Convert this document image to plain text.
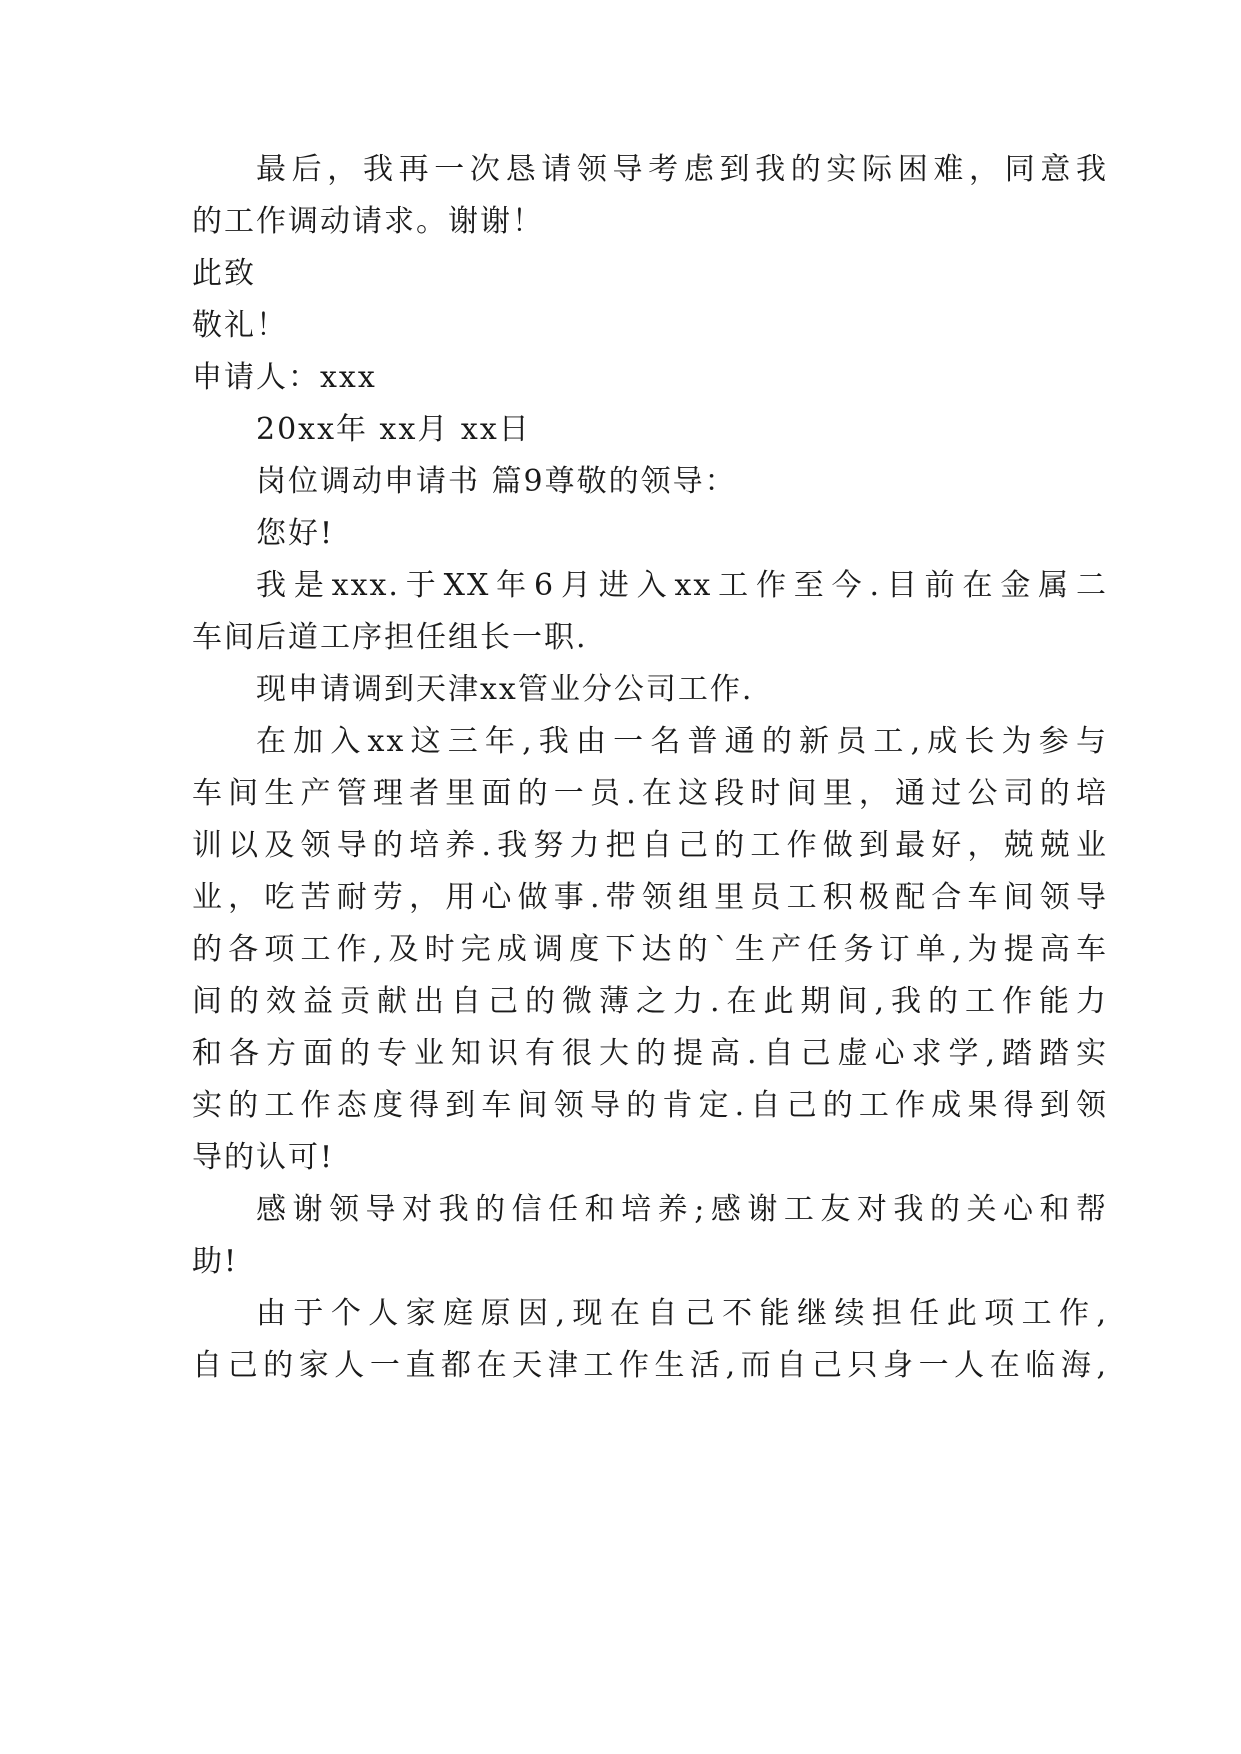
最后，我再一次恳请领导考虑到我的实际困难，同意我
的工作调动请求。谢谢！
此致
敬礼！
申请人：xxx
20xx年 xx月 xx日
岗位调动申请书 篇9尊敬的领导：
您好!
我是xxx.于XX年6月进入xx工作至今.目前在金属二
车间后道工序担任组长一职.
现申请调到天津xx管业分公司工作.
在加入xx这三年,我由一名普通的新员工,成长为参与
车间生产管理者里面的一员.在这段时间里，通过公司的培
训以及领导的培养.我努力把自己的工作做到最好，兢兢业
业，吃苦耐劳，用心做事.带领组里员工积极配合车间领导
的各项工作,及时完成调度下达的`生产任务订单,为提高车
间的效益贡献出自己的微薄之力.在此期间,我的工作能力
和各方面的专业知识有很大的提高.自己虚心求学,踏踏实
实的工作态度得到车间领导的肯定.自己的工作成果得到领
导的认可!
感谢领导对我的信任和培养;感谢工友对我的关心和帮
助!
由于个人家庭原因,现在自己不能继续担任此项工作,
自己的家人一直都在天津工作生活,而自己只身一人在临海,
